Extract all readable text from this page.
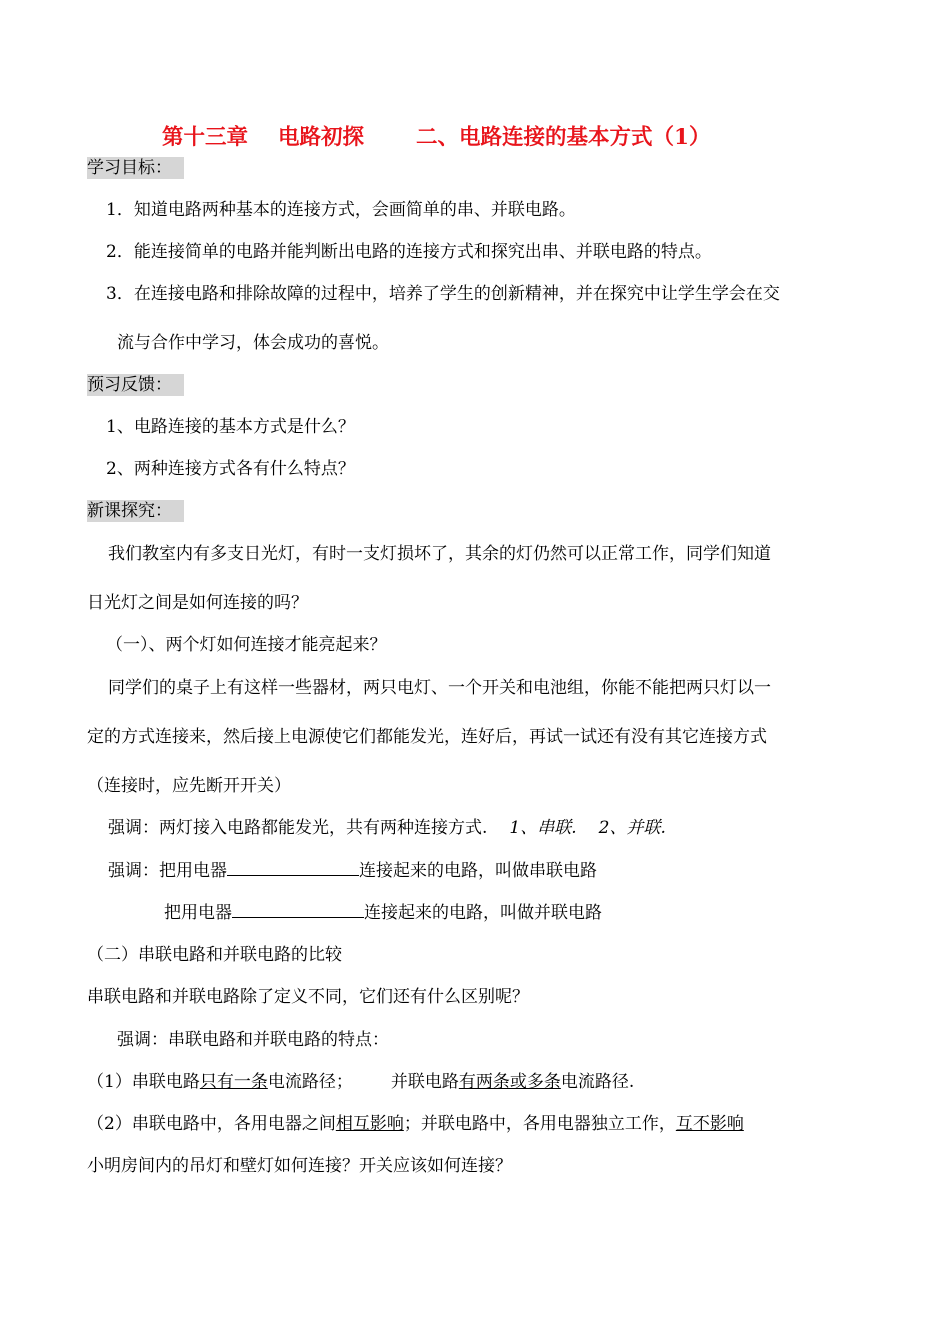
第十三章 电路初探 二、电路连接的基本方式（1）
学习目标：
1．知道电路两种基本的连接方式，会画简单的串、并联电路。
2．能连接简单的电路并能判断出电路的连接方式和探究出串、并联电路的特点。
3．在连接电路和排除故障的过程中，培养了学生的创新精神，并在探究中让学生学会在交
流与合作中学习，体会成功的喜悦。
预习反馈：
1、电路连接的基本方式是什么？
2、两种连接方式各有什么特点？
新课探究：
我们教室内有多支日光灯，有时一支灯损坏了，其余的灯仍然可以正常工作，同学们知道
日光灯之间是如何连接的吗？
（一）、两个灯如何连接才能亮起来？
同学们的桌子上有这样一些器材，两只电灯、一个开关和电池组，你能不能把两只灯以一
定的方式连接来，然后接上电源使它们都能发光，连好后，再试一试还有没有其它连接方式
（连接时，应先断开开关）
强调：两灯接入电路都能发光，共有两种连接方式. 1、串联. 2、并联.
强调：把用电器	连接起来的电路，叫做串联电路
把用电器	连接起来的电路，叫做并联电路
（二）串联电路和并联电路的比较
串联电路和并联电路除了定义不同，它们还有什么区别呢？
强调：串联电路和并联电路的特点：
（1）串联电路只有一条电流路径； 并联电路有两条或多条电流路径.
（2）串联电路中，各用电器之间相互影响；并联电路中，各用电器独立工作，互不影响
小明房间内的吊灯和壁灯如何连接？开关应该如何连接？
